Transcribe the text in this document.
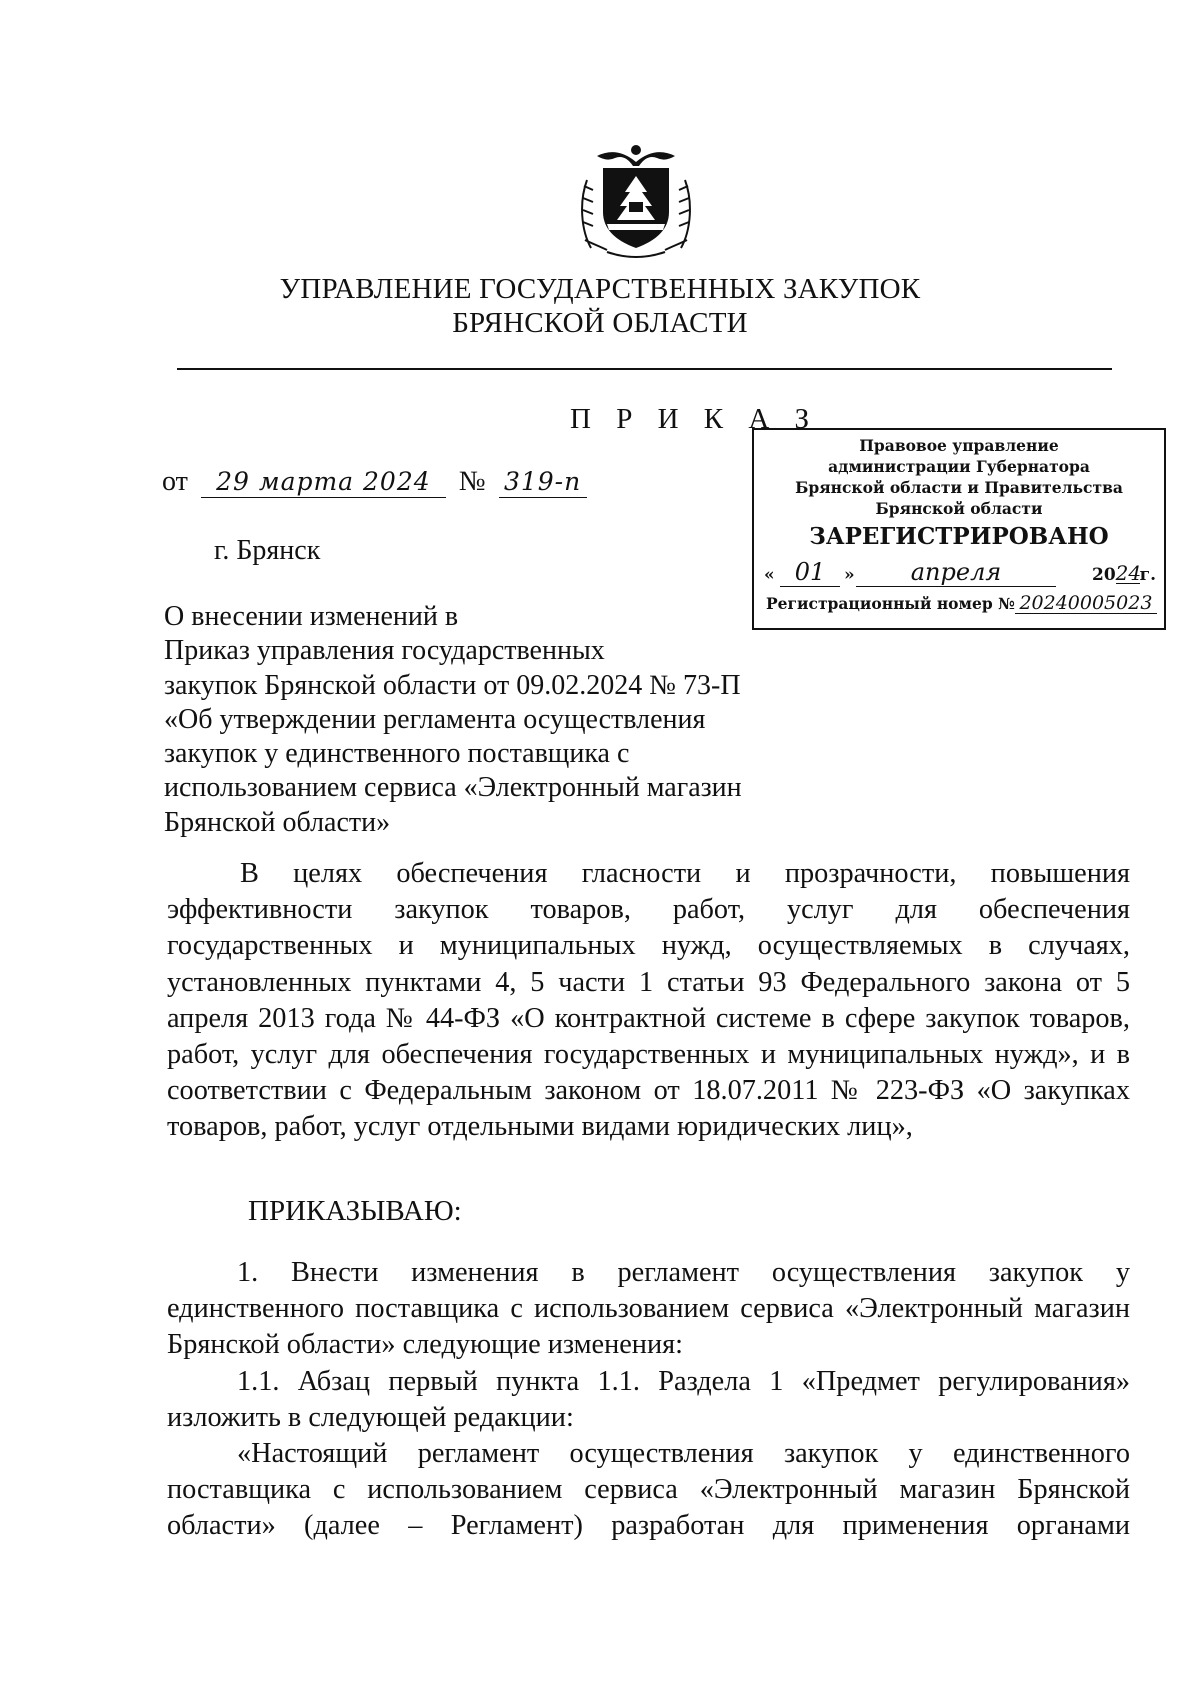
УПРАВЛЕНИЕ ГОСУДАРСТВЕННЫХ ЗАКУПОК
БРЯНСКОЙ ОБЛАСТИ
П Р И К А З
от 29 марта 2024 № 319-п
г. Брянск
О внесении изменений в
Приказ управления государственных
закупок Брянской области от 09.02.2024 № 73-П
«Об утверждении регламента осуществления
закупок у единственного поставщика с
использованием сервиса «Электронный магазин
Брянской области»
Правовое управление
администрации Губернатора
Брянской области и Правительства
Брянской области
ЗАРЕГИСТРИРОВАНО
« 01	»	апреля	2024г.
Регистрационный номер № 20240005023
В целях обеспечения гласности и прозрачности, повышения
эффективности закупок товаров, работ, услуг для обеспечения
государственных и муниципальных нужд, осуществляемых в случаях,
установленных пунктами 4, 5 части 1 статьи 93 Федерального закона от 5
апреля 2013 года № 44-ФЗ «О контрактной системе в сфере закупок товаров,
работ, услуг для обеспечения государственных и муниципальных нужд», и в
соответствии с Федеральным законом от 18.07.2011 № 223-ФЗ «О закупках
товаров, работ, услуг отдельными видами юридических лиц»,
ПРИКАЗЫВАЮ:
1. Внести изменения в регламент осуществления закупок у
единственного поставщика с использованием сервиса «Электронный магазин
Брянской области» следующие изменения:
1.1. Абзац первый пункта 1.1. Раздела 1 «Предмет регулирования»
изложить в следующей редакции:
«Настоящий регламент осуществления закупок у единственного
поставщика с использованием сервиса «Электронный магазин Брянской
области» (далее – Регламент) разработан для применения органами
